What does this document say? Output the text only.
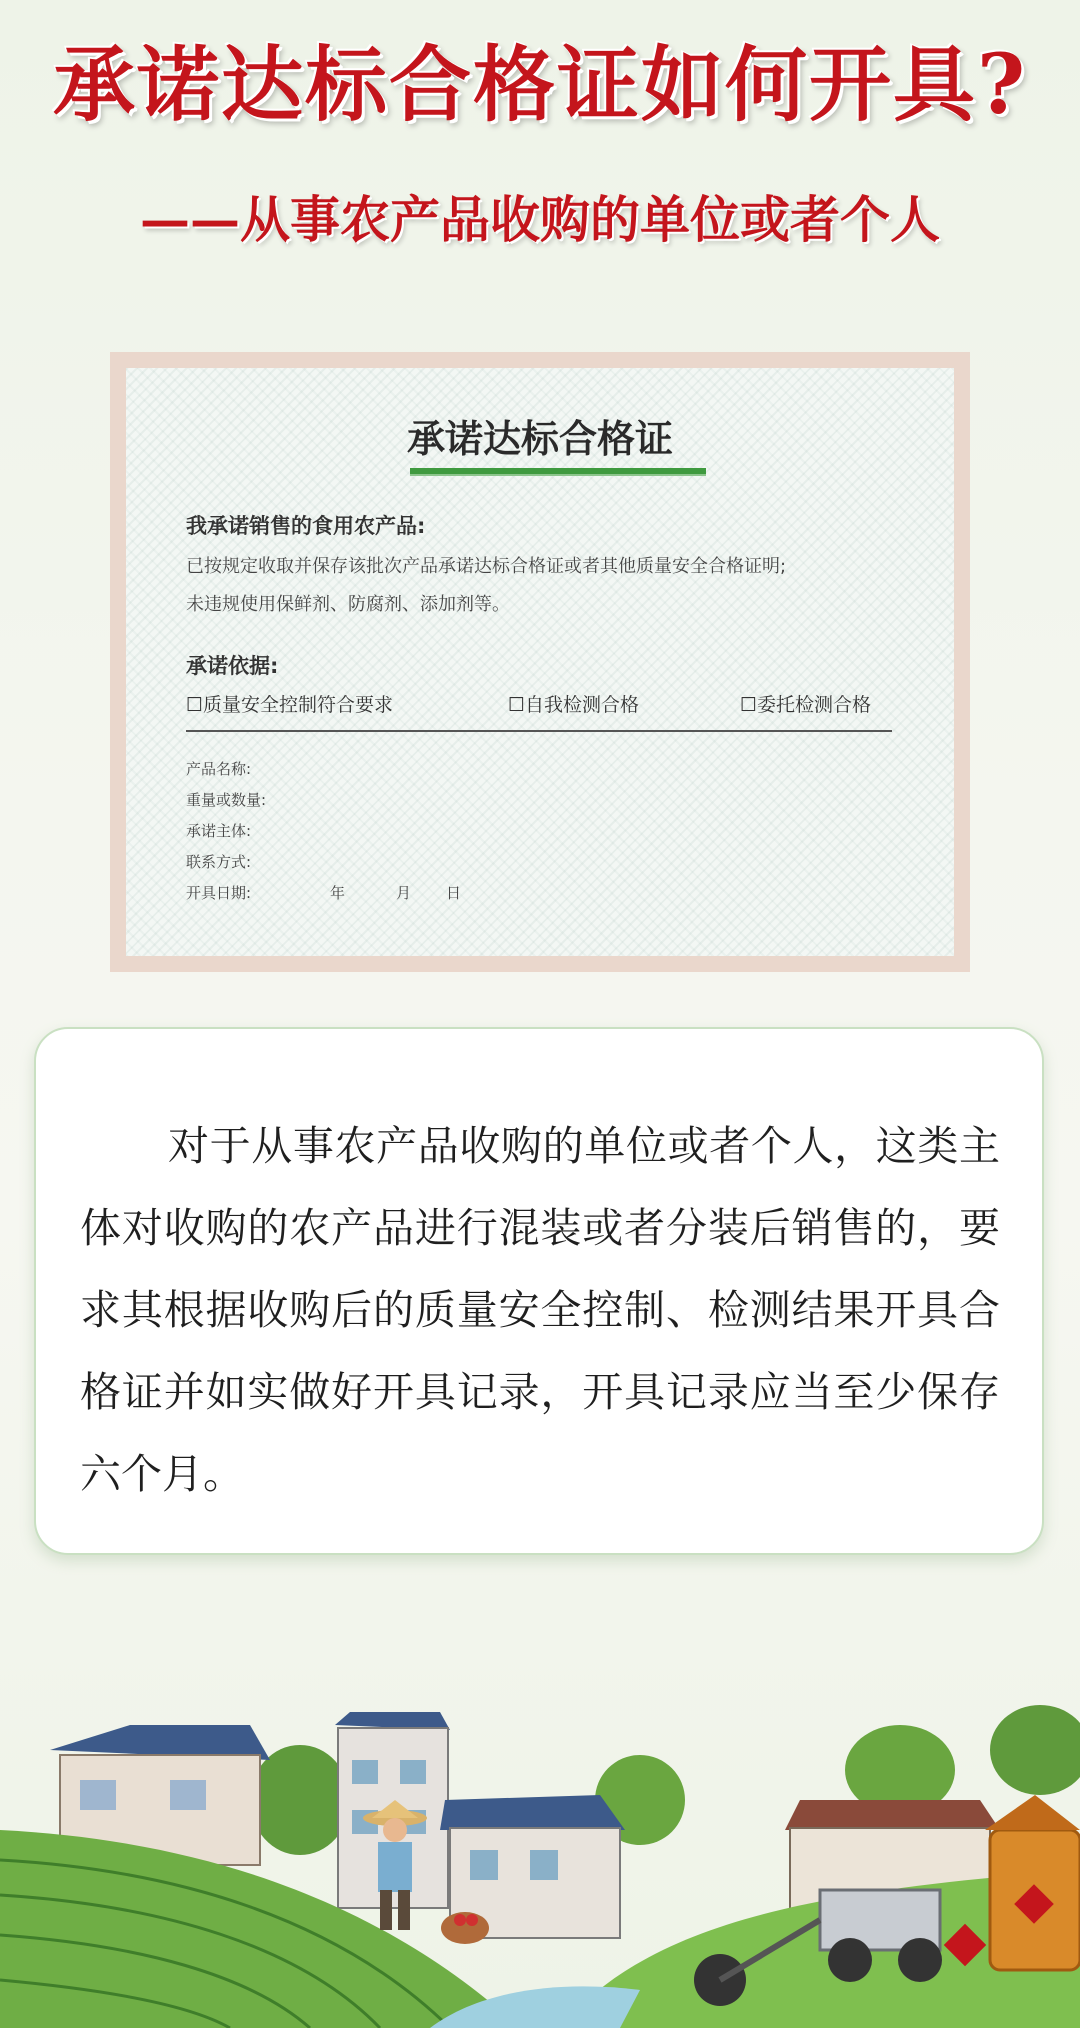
承诺达标合格证如何开具?
——从事农产品收购的单位或者个人
承诺达标合格证
我承诺销售的食用农产品:
已按规定收取并保存该批次产品承诺达标合格证或者其他质量安全合格证明;
未违规使用保鲜剂、防腐剂、添加剂等。
承诺依据:
☐质量安全控制符合要求	☐自我检测合格	☐委托检测合格
产品名称:
重量或数量:
承诺主体:
联系方式:
开具日期:	年	月 日
对于从事农产品收购的单位或者个人，这类主体对收购的农产品进行混装或者分装后销售的，要求其根据收购后的质量安全控制、检测结果开具合格证并如实做好开具记录，开具记录应当至少保存六个月。
